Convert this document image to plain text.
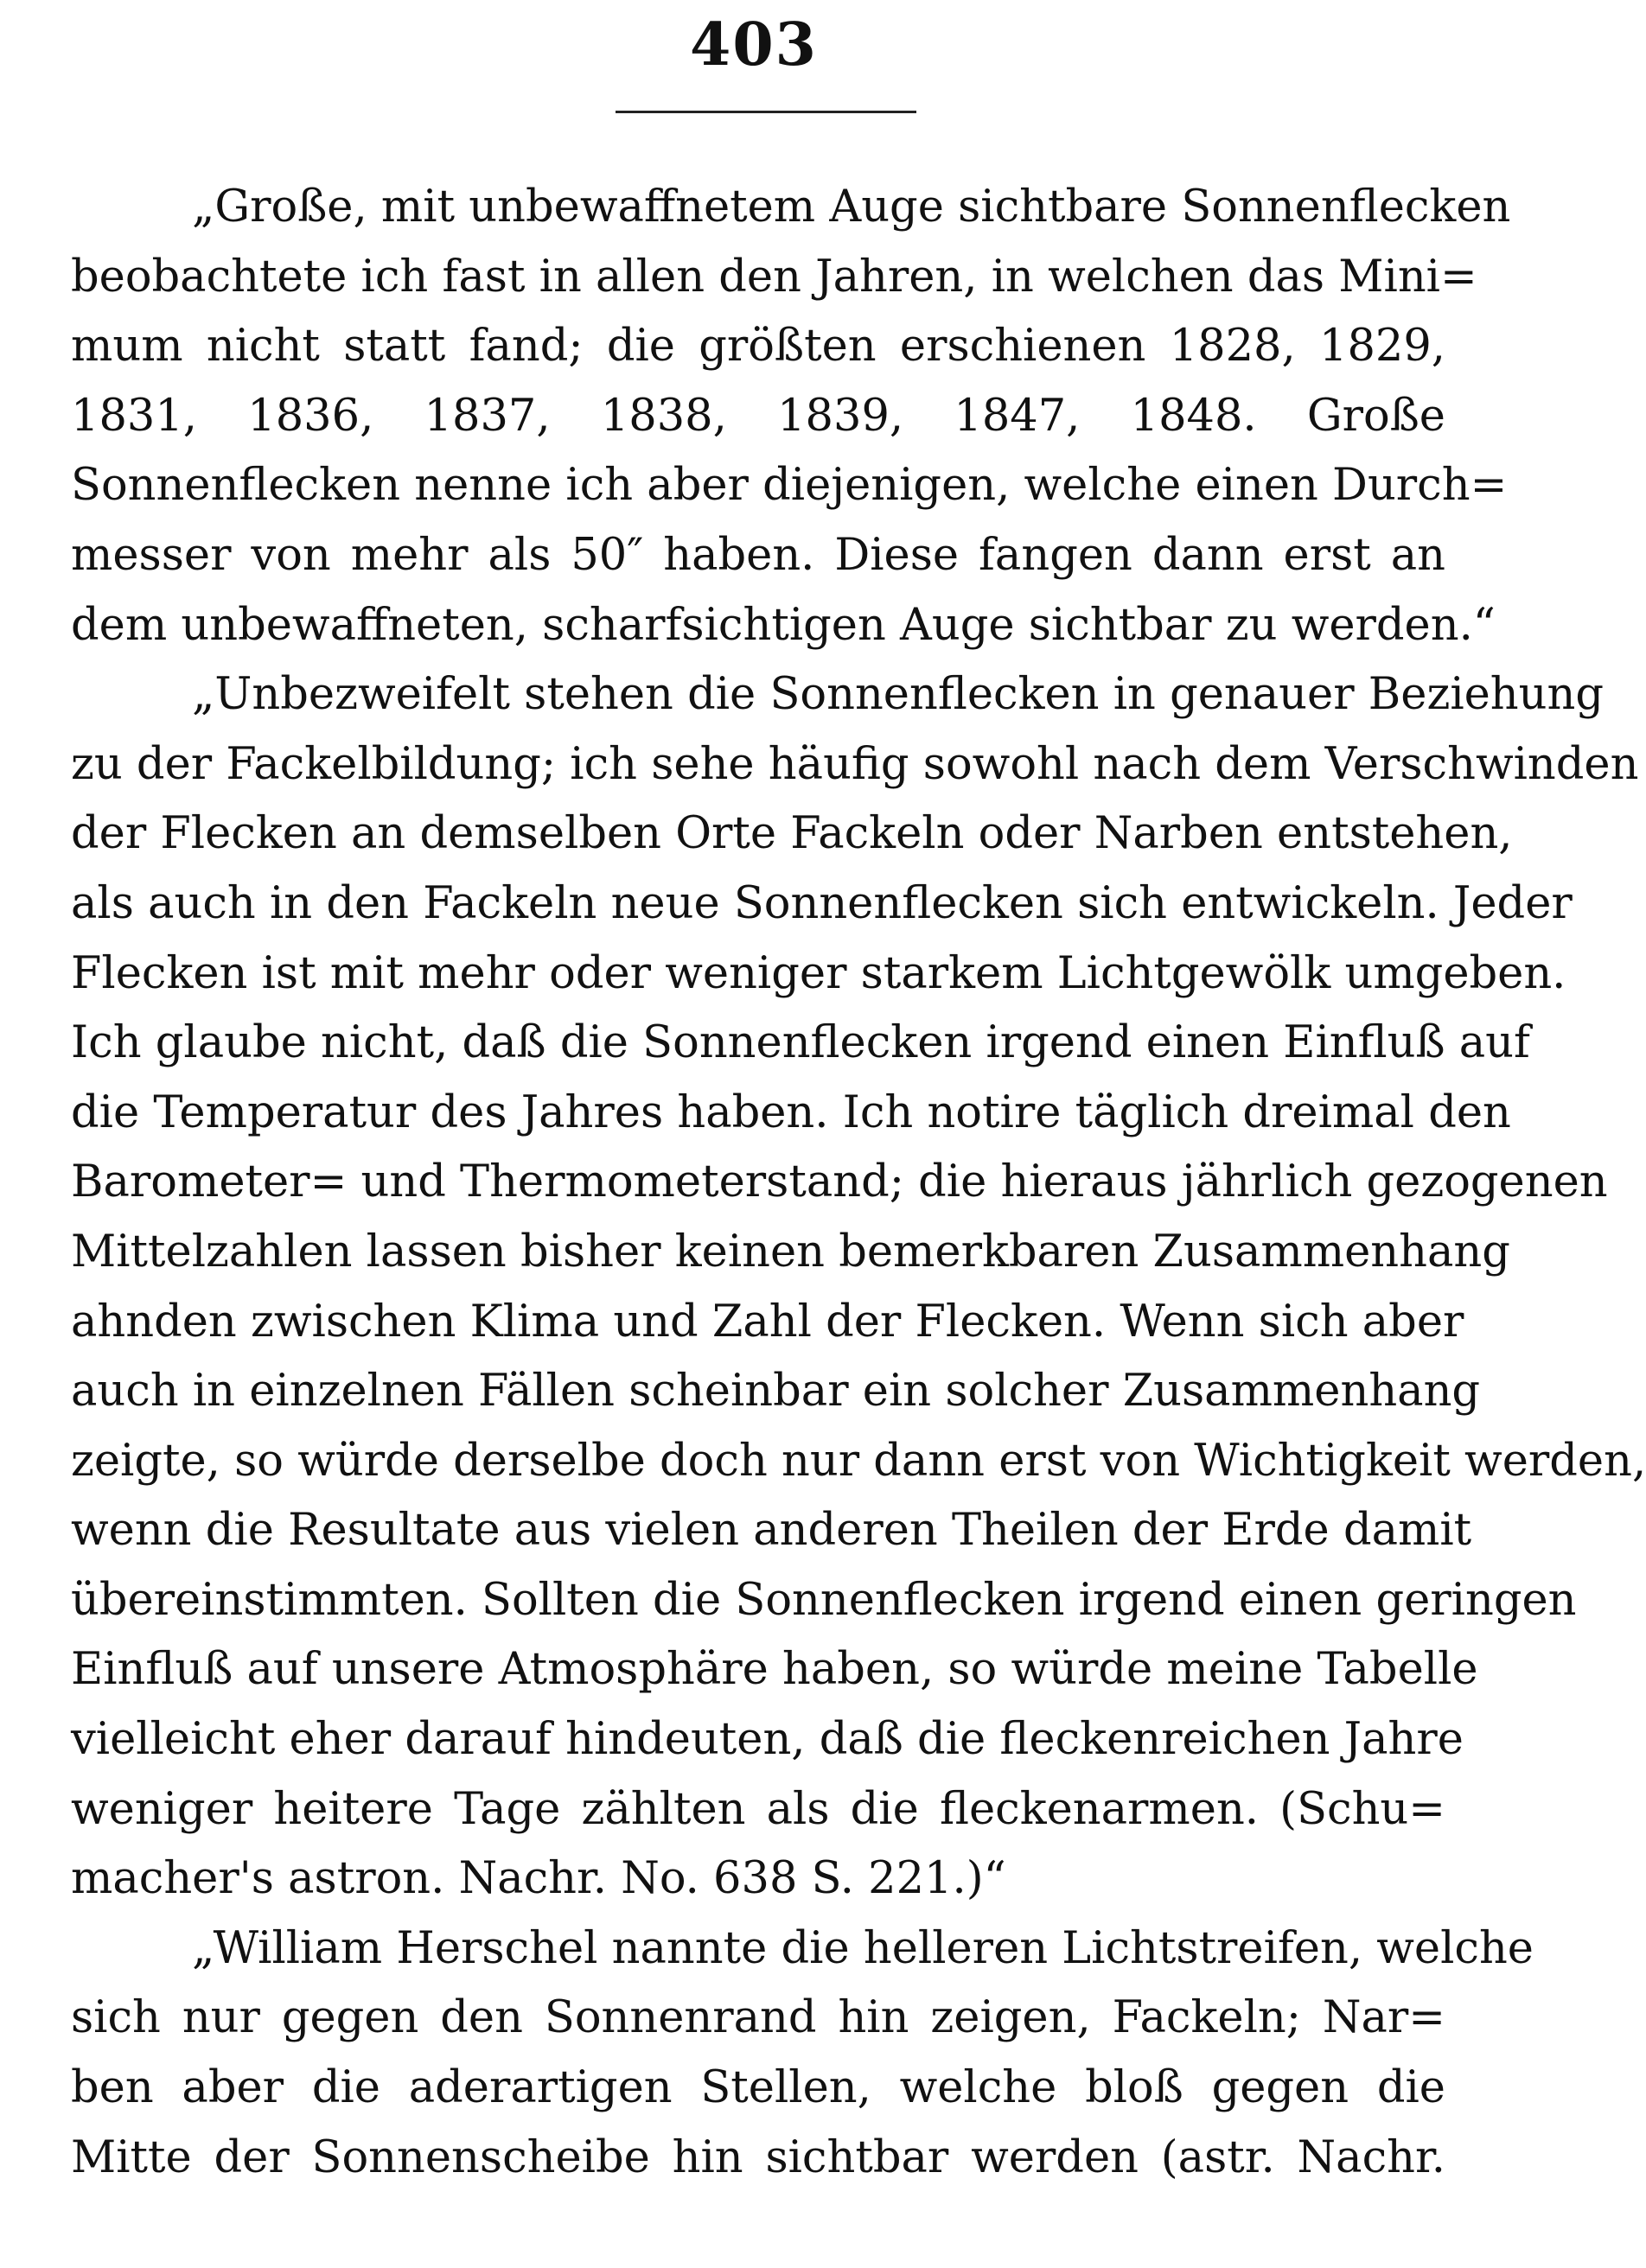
403
„Große, mit unbewaffnetem Auge sichtbare Sonnenflecken
beobachtete ich fast in allen den Jahren, in welchen das Mini=
mum nicht statt fand; die größten erschienen 1828, 1829,
1831, 1836, 1837, 1838, 1839, 1847, 1848. Große
Sonnenflecken nenne ich aber diejenigen, welche einen Durch=
messer von mehr als 50″ haben. Diese fangen dann erst an
dem unbewaffneten, scharfsichtigen Auge sichtbar zu werden.“
„Unbezweifelt stehen die Sonnenflecken in genauer Beziehung
zu der Fackelbildung; ich sehe häufig sowohl nach dem Verschwinden
der Flecken an demselben Orte Fackeln oder Narben entstehen,
als auch in den Fackeln neue Sonnenflecken sich entwickeln. Jeder
Flecken ist mit mehr oder weniger starkem Lichtgewölk umgeben.
Ich glaube nicht, daß die Sonnenflecken irgend einen Einfluß auf
die Temperatur des Jahres haben. Ich notire täglich dreimal den
Barometer= und Thermometerstand; die hieraus jährlich gezogenen
Mittelzahlen lassen bisher keinen bemerkbaren Zusammenhang
ahnden zwischen Klima und Zahl der Flecken. Wenn sich aber
auch in einzelnen Fällen scheinbar ein solcher Zusammenhang
zeigte, so würde derselbe doch nur dann erst von Wichtigkeit werden,
wenn die Resultate aus vielen anderen Theilen der Erde damit
übereinstimmten. Sollten die Sonnenflecken irgend einen geringen
Einfluß auf unsere Atmosphäre haben, so würde meine Tabelle
vielleicht eher darauf hindeuten, daß die fleckenreichen Jahre
weniger heitere Tage zählten als die fleckenarmen. (Schu=
macher's astron. Nachr. No. 638 S. 221.)“
„William Herschel nannte die helleren Lichtstreifen, welche
sich nur gegen den Sonnenrand hin zeigen, Fackeln; Nar=
ben aber die aderartigen Stellen, welche bloß gegen die
Mitte der Sonnenscheibe hin sichtbar werden (astr. Nachr.
